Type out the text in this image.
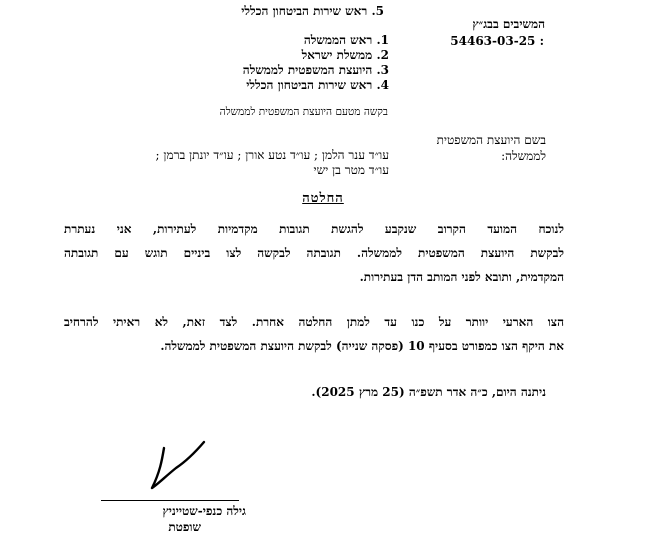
5. ראש שירות הביטחון הכללי
המשיבים בבג״ץ
54463-03-25 :
1. ראש הממשלה
2. ממשלת ישראל
3. היועצת המשפטית לממשלה
4. ראש שירות הביטחון הכללי
בקשה מטעם היועצת המשפטית לממשלה
בשם היועצת המשפטית
לממשלה:
עו״ד ענר הלמן ; עו״ד נטע אורן ; עו״ד יונתן ברמן ;
עו״ד מטר בן ישי
החלטה
לנוכח המועד הקרוב שנקבע להגשת תגובות מקדמיות לעתירות, אני נעתרת
לבקשת היועצת המשפטית לממשלה. תגובתה לבקשה לצו ביניים תוגש עם תגובתה
המקדמית, ותובא לפני המותב הדן בעתירות.
הצו הארעי יוותר על כנו עד למתן החלטה אחרת. לצד זאת, לא ראיתי להרחיב
את היקף הצו כמפורט בסעיף 10 (פסקה שנייה) לבקשת היועצת המשפטית לממשלה.
ניתנה היום, כ״ה אדר תשפ״ה (25 מרץ 2025).
גילה כנפי-שטייניץ
שופטת
